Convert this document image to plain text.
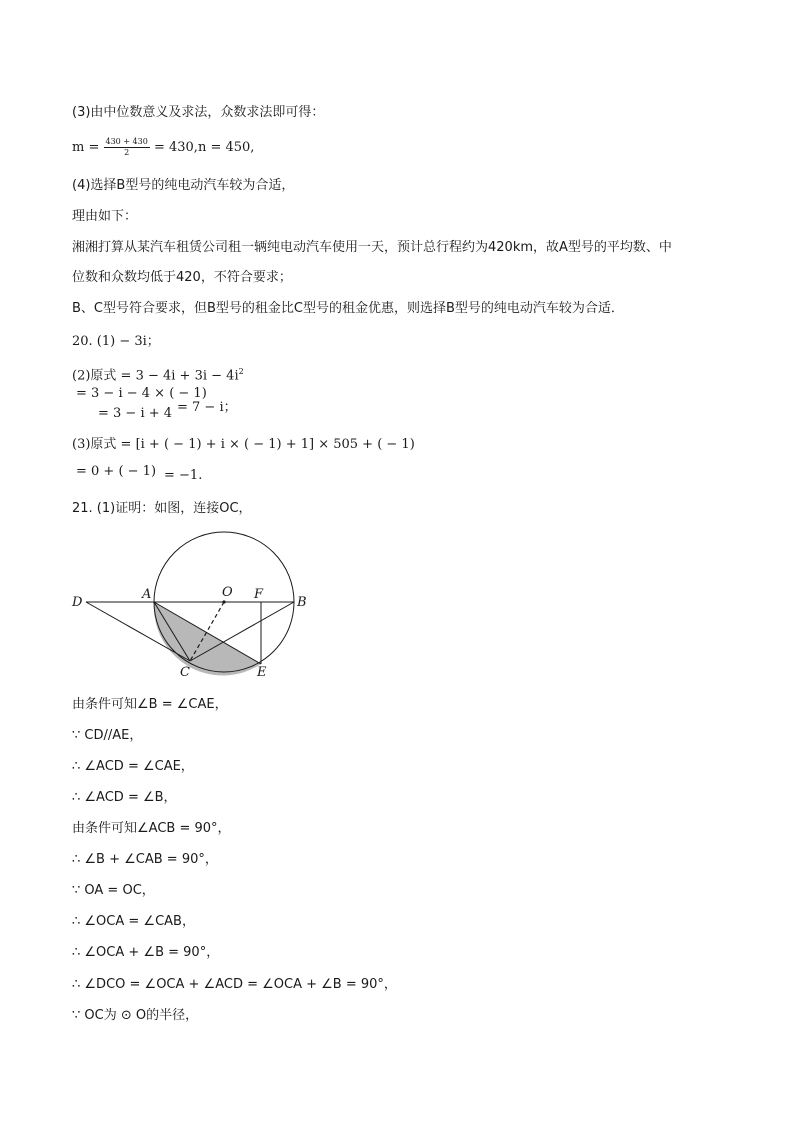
(3)由中位数意义及求法，众数求法即可得：
$m = \frac{430 + 430}{2} = 430,n = 450$,
(4)选择B型号的纯电动汽车较为合适，
理由如下：
湘湘打算从某汽车租赁公司租一辆纯电动汽车使用一天，预计总行程约为420km，故A型号的平均数、中
位数和众数均低于420，不符合要求；
B、C型号符合要求，但B型号的租金比C型号的租金优惠，则选择B型号的纯电动汽车较为合适．
20. (1) − 3i；
(2)原式 = $3 - 4i + 3i - 4i^2$
= 3 − i − 4 × ( − 1)
= 3 − i + 4 = 7 − i；
(3)原式 = [i + ( − 1) + i × ( − 1) + 1] × 505 + ( − 1)
= 0 + ( − 1) = −1.
21. (1)证明：如图，连接OC，
D
A	O F
B
C	E
由条件可知∠B = ∠CAE，
∵ CD//AE，
∴ ∠ACD = ∠CAE，
∴ ∠ACD = ∠B，
由条件可知∠ACB = 90°，
∴ ∠B + ∠CAB = 90°，
∵ OA = OC，
∴ ∠OCA = ∠CAB，
∴ ∠OCA + ∠B = 90°，
∴ ∠DCO = ∠OCA + ∠ACD = ∠OCA + ∠B = 90°，
∵ OC为 ⊙ O的半径，
